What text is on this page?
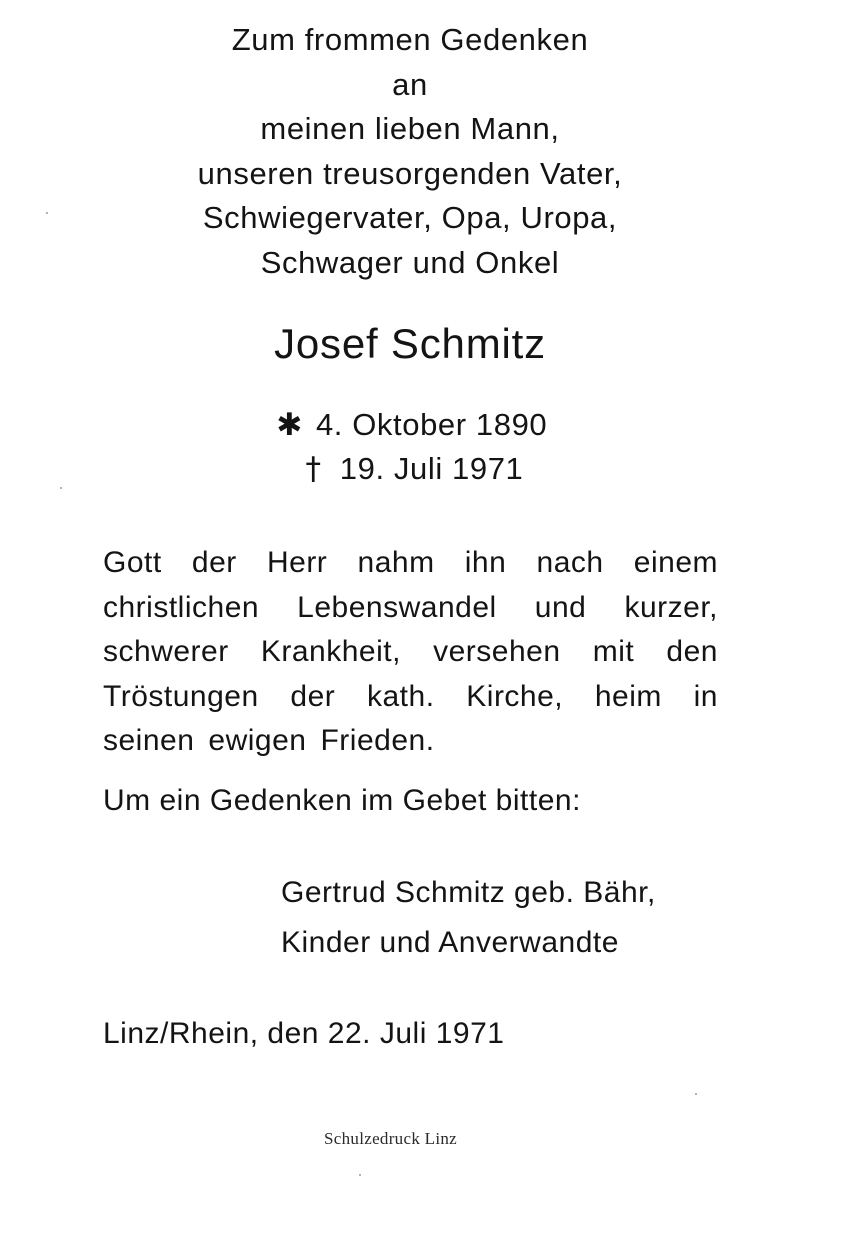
Zum frommen Gedenken
an
meinen lieben Mann,
unseren treusorgenden Vater,
Schwiegervater, Opa, Uropa,
Schwager und Onkel
Josef Schmitz
✱ 4. Oktober 1890
† 19. Juli 1971
Gott der Herr nahm ihn nach einem
christlichen Lebenswandel und kurzer,
schwerer Krankheit, versehen mit den
Tröstungen der kath. Kirche, heim in
seinen ewigen Frieden.
Um ein Gedenken im Gebet bitten:
Gertrud Schmitz geb. Bähr,
Kinder und Anverwandte
Linz/Rhein, den 22. Juli 1971
Schulzedruck Linz
